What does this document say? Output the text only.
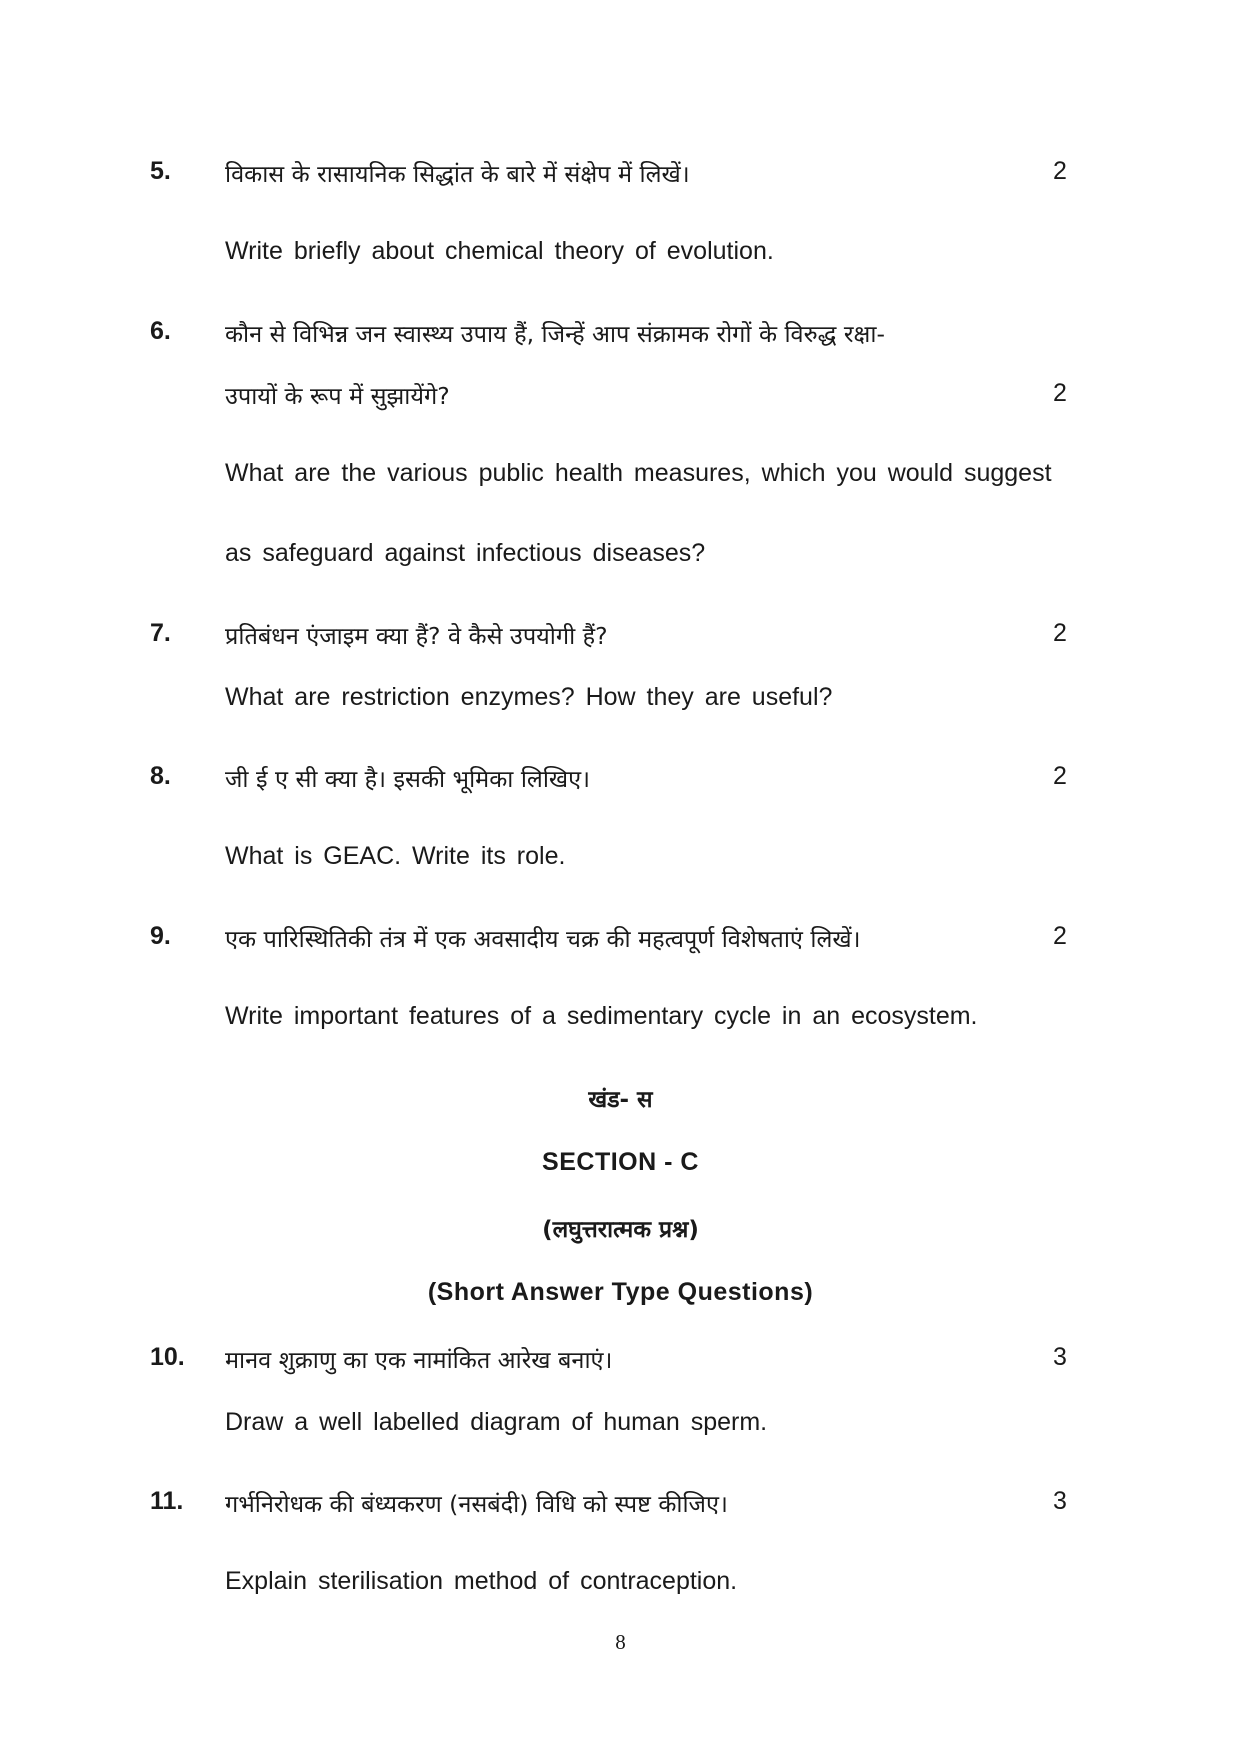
5. विकास के रासायनिक सिद्धांत के बारे में संक्षेप में लिखें।	2
Write briefly about chemical theory of evolution.
6. कौन से विभिन्न जन स्वास्थ्य उपाय हैं, जिन्हें आप संक्रामक रोगों के विरुद्ध रक्षा-
उपायों के रूप में सुझायेंगे?	2
What are the various public health measures, which you would suggest
as safeguard against infectious diseases?
7. प्रतिबंधन एंजाइम क्या हैं? वे कैसे उपयोगी हैं?	2
What are restriction enzymes? How they are useful?
8. जी ई ए सी क्या है। इसकी भूमिका लिखिए।	2
What is GEAC. Write its role.
9. एक पारिस्थितिकी तंत्र में एक अवसादीय चक्र की महत्वपूर्ण विशेषताएं लिखें।	2
Write important features of a sedimentary cycle in an ecosystem.
खंड- स
SECTION - C
(लघुत्तरात्मक प्रश्न)
(Short Answer Type Questions)
10. मानव शुक्राणु का एक नामांकित आरेख बनाएं।	3
Draw a well labelled diagram of human sperm.
11. गर्भनिरोधक की बंध्यकरण (नसबंदी) विधि को स्पष्ट कीजिए।	3
Explain sterilisation method of contraception.
8
